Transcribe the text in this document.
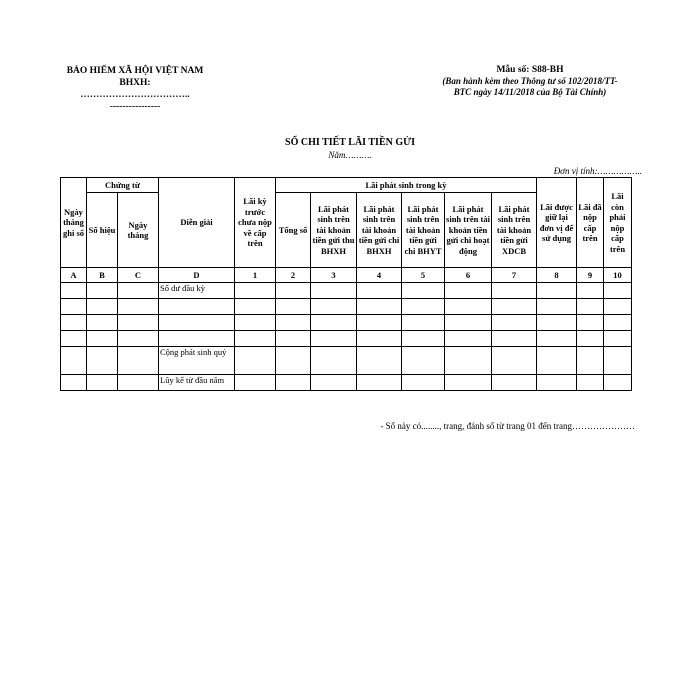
BẢO HIỂM XÃ HỘI VIỆT NAM
BHXH:
……………………………..
----------------
Mẫu số: S88-BH
(Ban hành kèm theo Thông tư số 102/2018/TT-
BTC ngày 14/11/2018 của Bộ Tài Chính)
SỔ CHI TIẾT LÃI TIỀN GỬI
Năm……….
Đơn vị tính:……………..
Ngày tháng ghi sổ	Chứng từ		Diễn giải	Lãi kỳ trước chưa nộp về cấp trên	Lãi phát sinh trong kỳ						Lãi được giữ lại đơn vị để sử dụng	Lãi đã nộp cấp trên	Lãi còn phải nộp cấp trên
	Số hiệu	Ngày tháng			Tổng số	Lãi phát sinh trên tài khoản tiền gửi thu BHXH	Lãi phát sinh trên tài khoản tiền gửi chi BHXH	Lãi phát sinh trên tài khoản tiền gửi chi BHYT	Lãi phát sinh trên tài khoản tiền gửi chi hoạt động	Lãi phát sinh trên tài khoản tiền gửi XDCB			
A	B	C	D	1	2	3	4	5	6	7	8	9	10
			Số dư đầu kỳ										

			Cộng phát sinh quý										
			Lũy kế từ đầu năm										
- Sổ này có........, trang, đánh số từ trang 01 đến trang…………………
